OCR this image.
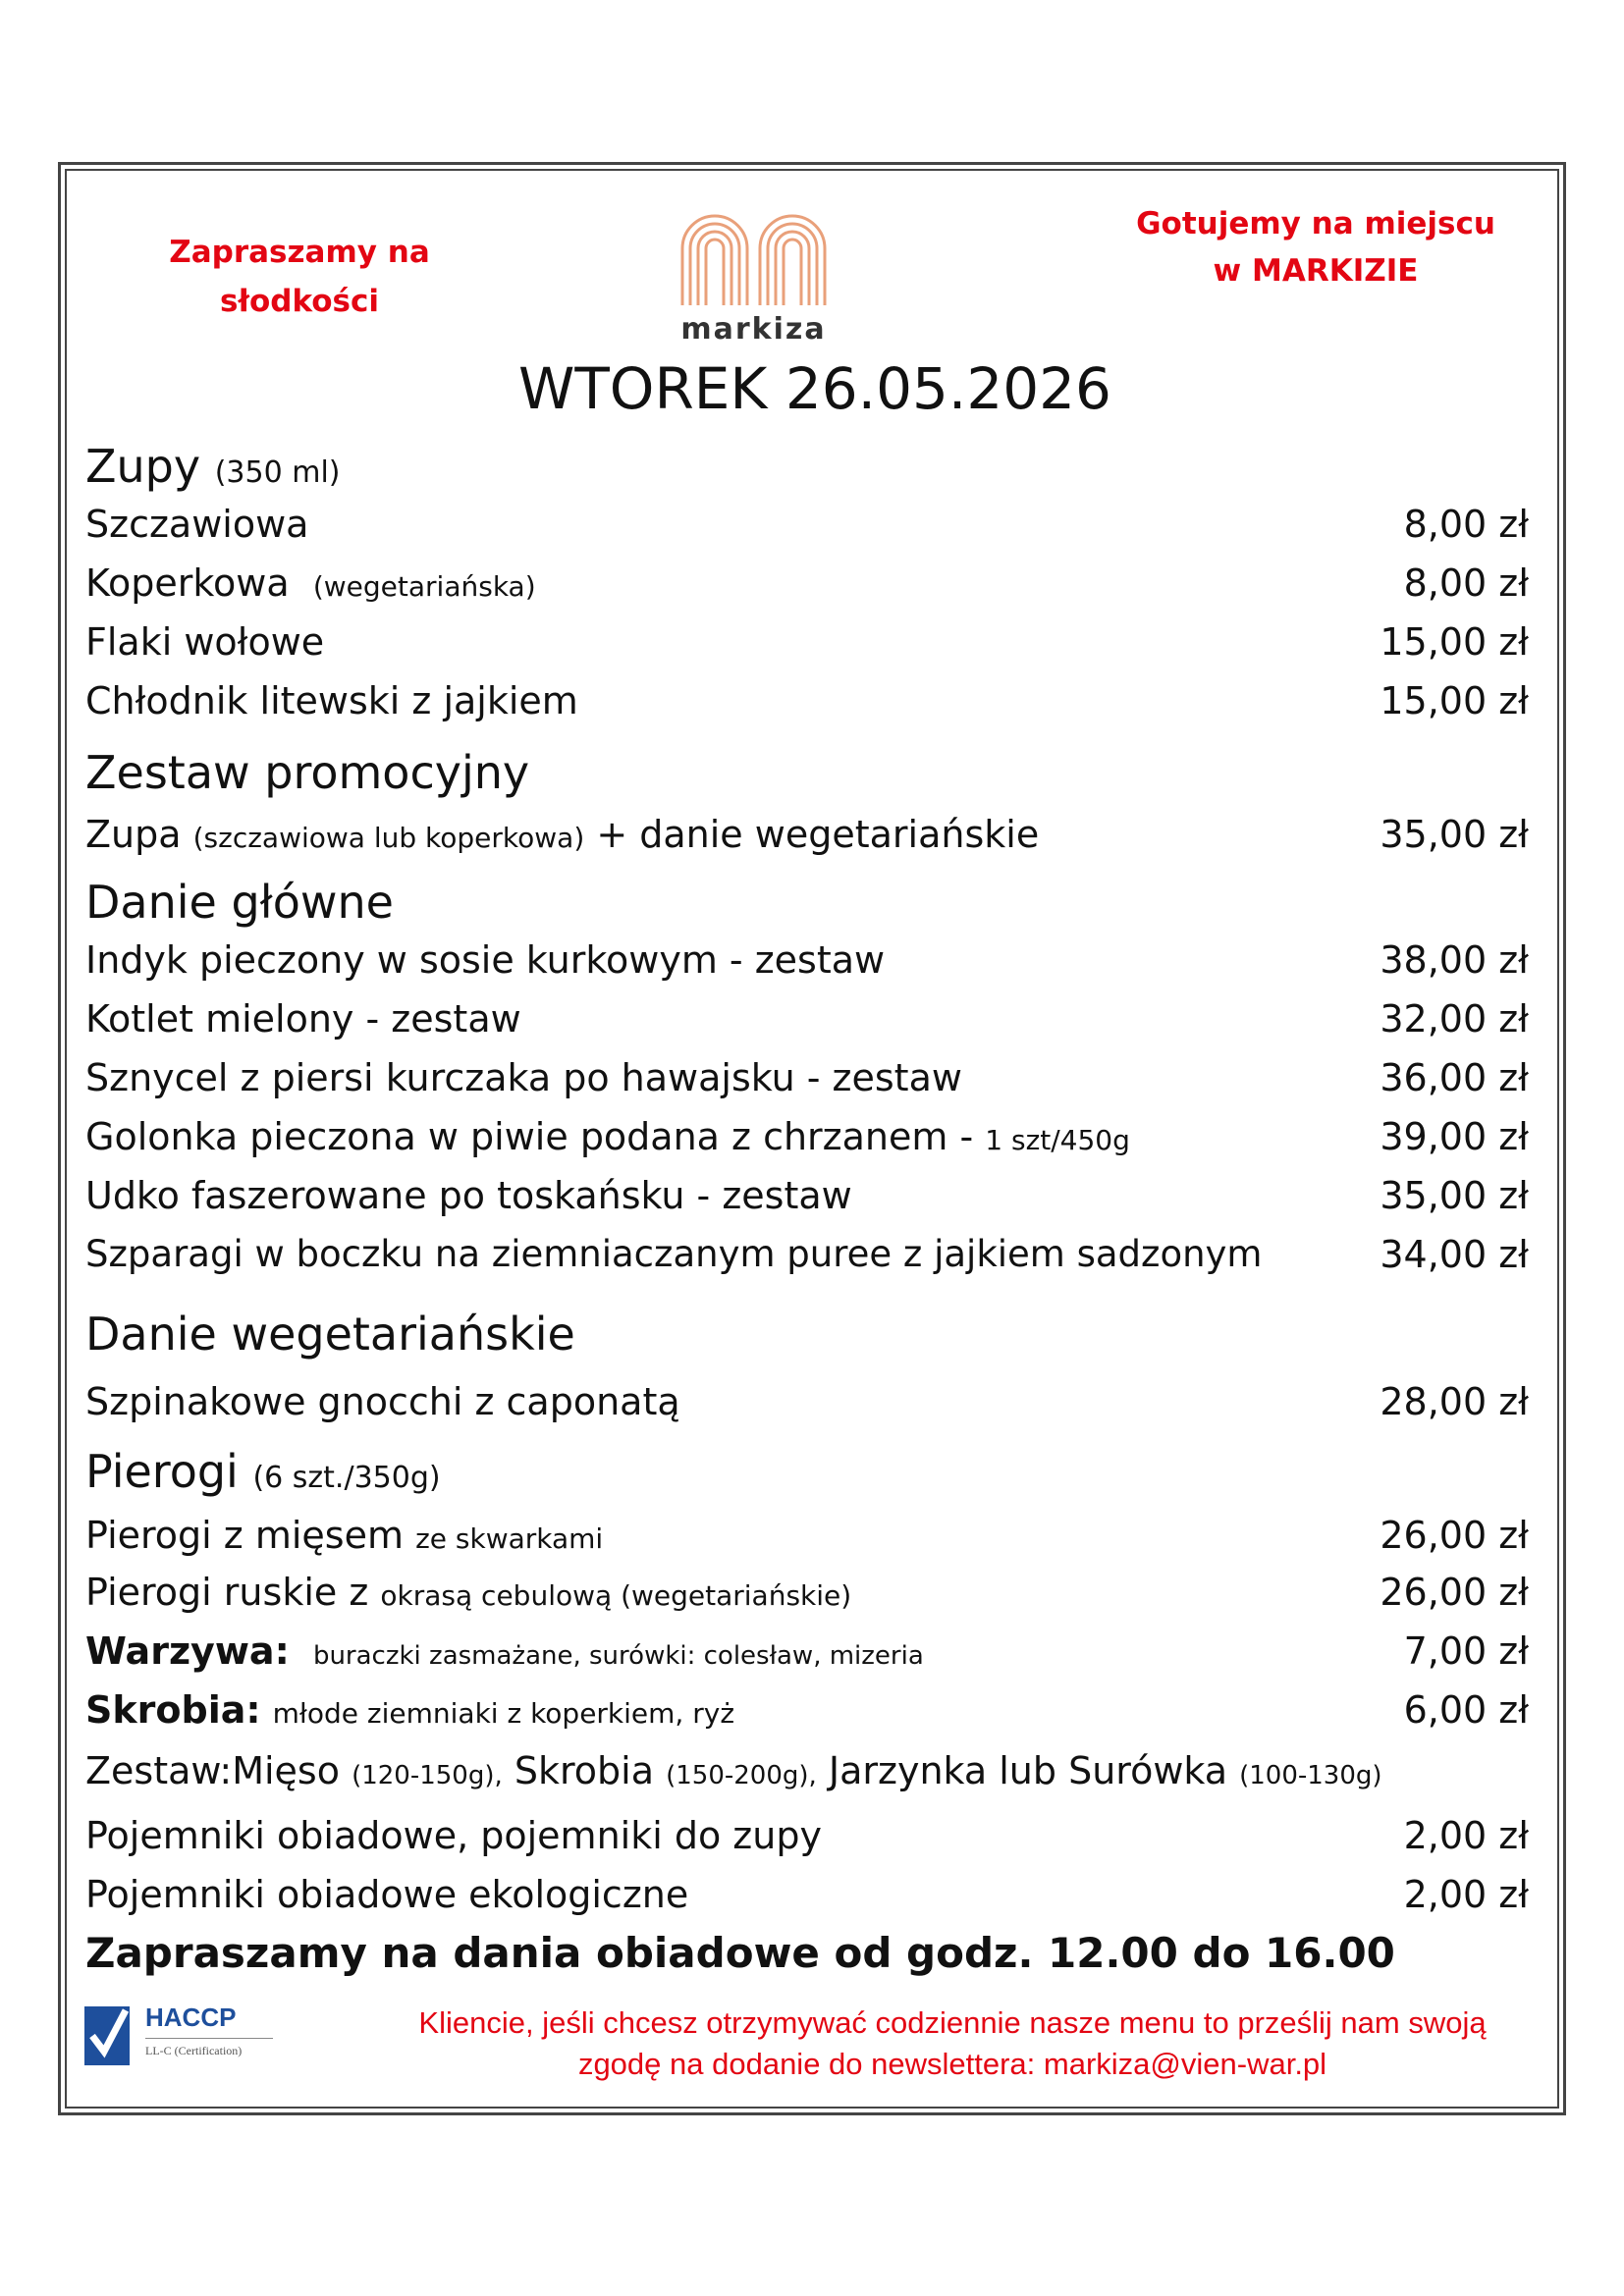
Zapraszamy na
słodkości
markiza
Gotujemy na miejscu
w MARKIZIE
WTOREK 26.05.2026
Zupy (350 ml)
Szczawiowa	8,00 zł
Koperkowa (wegetariańska)	8,00 zł
Flaki wołowe	15,00 zł
Chłodnik litewski z jajkiem	15,00 zł
Zestaw promocyjny
Zupa (szczawiowa lub koperkowa) + danie wegetariańskie	35,00 zł
Danie główne
Indyk pieczony w sosie kurkowym - zestaw	38,00 zł
Kotlet mielony - zestaw	32,00 zł
Sznycel z piersi kurczaka po hawajsku - zestaw	36,00 zł
Golonka pieczona w piwie podana z chrzanem - 1 szt/450g	39,00 zł
Udko faszerowane po toskańsku - zestaw	35,00 zł
Szparagi w boczku na ziemniaczanym puree z jajkiem sadzonym	34,00 zł
Danie wegetariańskie
Szpinakowe gnocchi z caponatą	28,00 zł
Pierogi (6 szt./350g)
Pierogi z mięsem ze skwarkami	26,00 zł
Pierogi ruskie z okrasą cebulową (wegetariańskie)	26,00 zł
Warzywa: buraczki zasmażane, surówki: colesław, mizeria	7,00 zł
Skrobia: młode ziemniaki z koperkiem, ryż	6,00 zł
Zestaw:Mięso (120-150g), Skrobia (150-200g), Jarzynka lub Surówka (100-130g)
Pojemniki obiadowe, pojemniki do zupy	2,00 zł
Pojemniki obiadowe ekologiczne	2,00 zł
Zapraszamy na dania obiadowe od godz. 12.00 do 16.00
HACCP
LL-C (Certification)
Kliencie, jeśli chcesz otrzymywać codziennie nasze menu to prześlij nam swoją
zgodę na dodanie do newslettera: markiza@vien-war.pl
